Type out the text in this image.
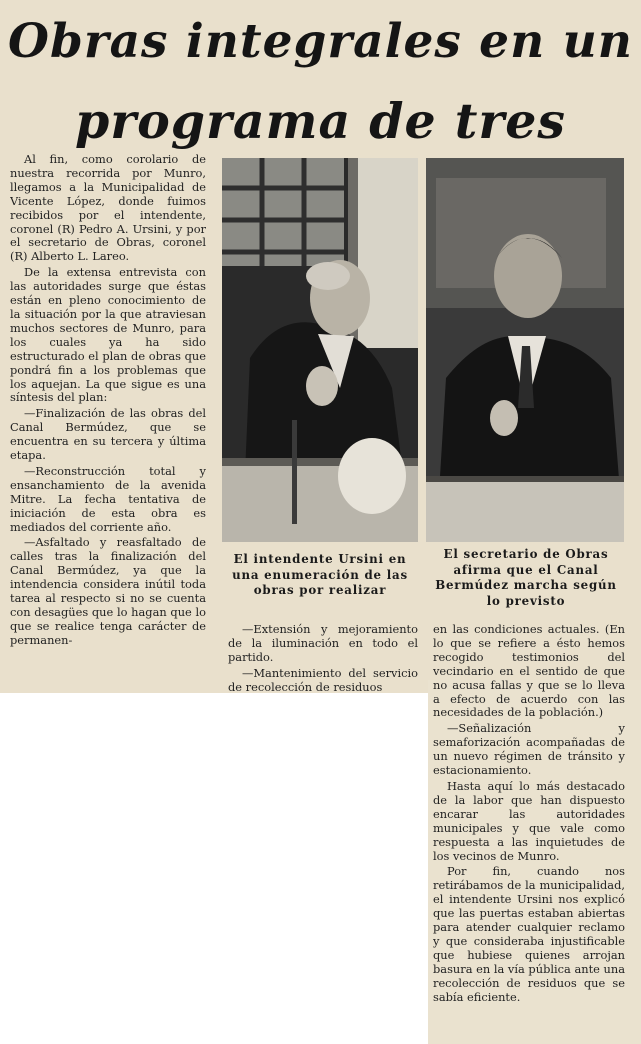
Obras integrales en un
programa de tres

Al fin, como corolario de nuestra recorrida por Munro, llegamos a la Municipalidad de Vicente López, donde fuimos recibidos por el intendente, coronel (R) Pedro A. Ursini, y por el secretario de Obras, coronel (R) Alberto L. Lareo.

De la extensa entrevista con las autoridades surge que éstas están en pleno conocimiento de la situación por la que atraviesan muchos sectores de Munro, para los cuales ya ha sido estructurado el plan de obras que pondrá fin a los problemas que los aquejan. La que sigue es una síntesis del plan:

—Finalización de las obras del Canal Bermúdez, que se encuentra en su tercera y última etapa.

—Reconstrucción total y ensanchamiento de la avenida Mitre. La fecha tentativa de iniciación de esta obra es mediados del corriente año.

—Asfaltado y reasfaltado de calles tras la finalización del Canal Bermúdez, ya que la intendencia considera inútil toda tarea al respecto si no se cuenta con desagües que lo hagan que lo que se realice tenga carácter de permanen-

El intendente Ursini en una enumeración de las obras por realizar
El secretario de Obras afirma que el Canal Bermúdez marcha según lo previsto

—Extensión y mejoramiento de la iluminación en todo el partido.

—Mantenimiento del servicio de recolección de residuos

en las condiciones actuales. (En lo que se refiere a ésto hemos recogido testimonios del vecindario en el sentido de que no acusa fallas y que se lo lleva a efecto de acuerdo con las necesidades de la población.)

—Señalización y semaforización acompañadas de un nuevo régimen de tránsito y estacionamiento.

Hasta aquí lo más destacado de la labor que han dispuesto encarar las autoridades municipales y que vale como respuesta a las inquietudes de los vecinos de Munro.

Por fin, cuando nos retirábamos de la municipalidad, el intendente Ursini nos explicó que las puertas estaban abiertas para atender cualquier reclamo y que consideraba injustificable que hubiese quienes arrojan basura en la vía pública ante una recolección de residuos que se sabía eficiente.
